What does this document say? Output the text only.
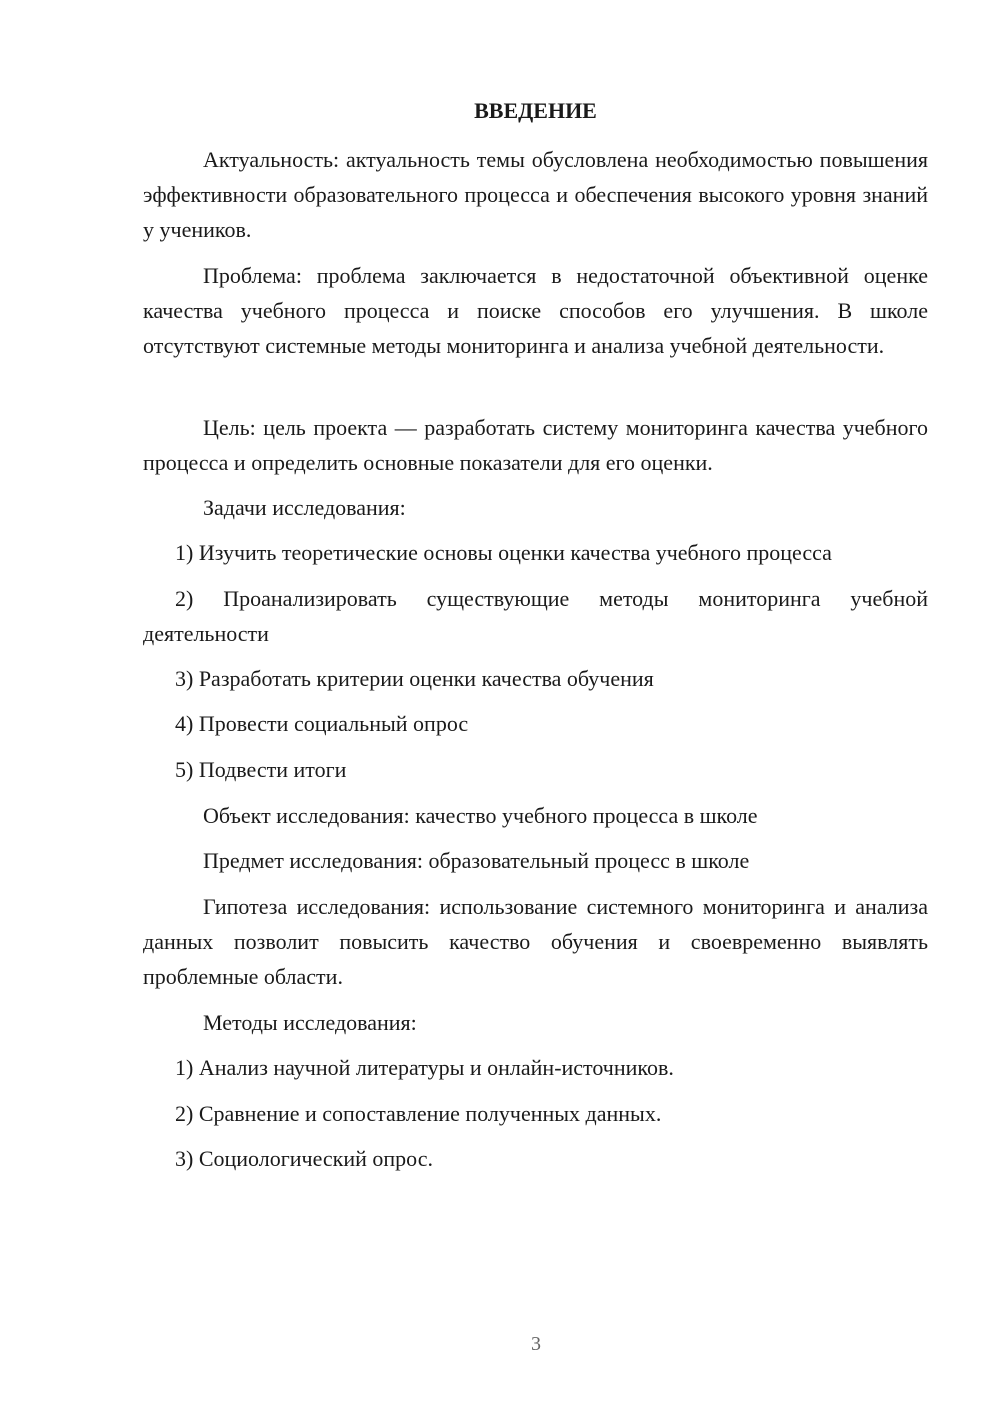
ВВЕДЕНИЕ
Актуальность: актуальность темы обусловлена необходимостью повышения эффективности образовательного процесса и обеспечения высокого уровня знаний у учеников.
Проблема: проблема заключается в недостаточной объективной оценке качества учебного процесса и поиске способов его улучшения. В школе отсутствуют системные методы мониторинга и анализа учебной деятельности.
Цель: цель проекта — разработать систему мониторинга качества учебного процесса и определить основные показатели для его оценки.
Задачи исследования:
1) Изучить теоретические основы оценки качества учебного процесса
2) Проанализировать существующие методы мониторинга учебной деятельности
3) Разработать критерии оценки качества обучения
4) Провести социальный опрос
5) Подвести итоги
Объект исследования: качество учебного процесса в школе
Предмет исследования: образовательный процесс в школе
Гипотеза исследования: использование системного мониторинга и анализа данных позволит повысить качество обучения и своевременно выявлять проблемные области.
Методы исследования:
1) Анализ научной литературы и онлайн-источников.
2) Сравнение и сопоставление полученных данных.
3) Социологический опрос.
3
